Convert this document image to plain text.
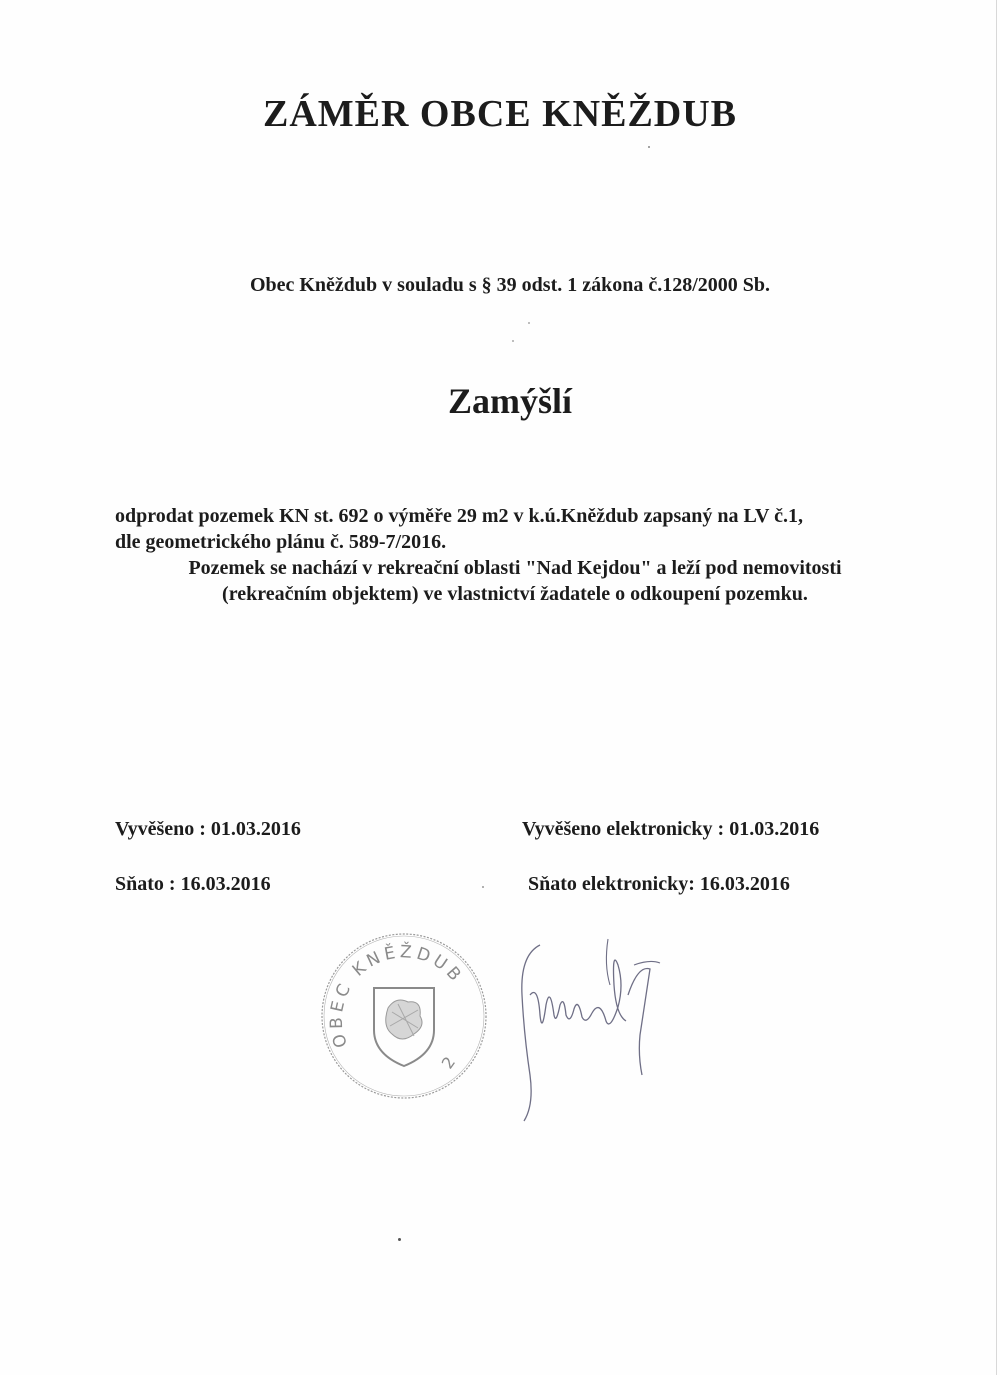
ZÁMĚR OBCE KNĚŽDUB
Obec Kněždub v souladu s § 39 odst. 1 zákona č.128/2000 Sb.
Zamýšlí
odprodat pozemek KN st. 692 o výměře 29 m2 v k.ú.Kněždub zapsaný na LV č.1,
dle geometrického plánu č. 589-7/2016.
Pozemek se nachází v rekreační oblasti "Nad Kejdou" a leží pod nemovitosti
(rekreačním objektem) ve vlastnictví žadatele o odkoupení pozemku.
Vyvěšeno : 01.03.2016	Vyvěšeno elektronicky : 01.03.2016
Sňato : 16.03.2016	Sňato elektronicky: 16.03.2016
OBEC KNĚŽDUB
2
